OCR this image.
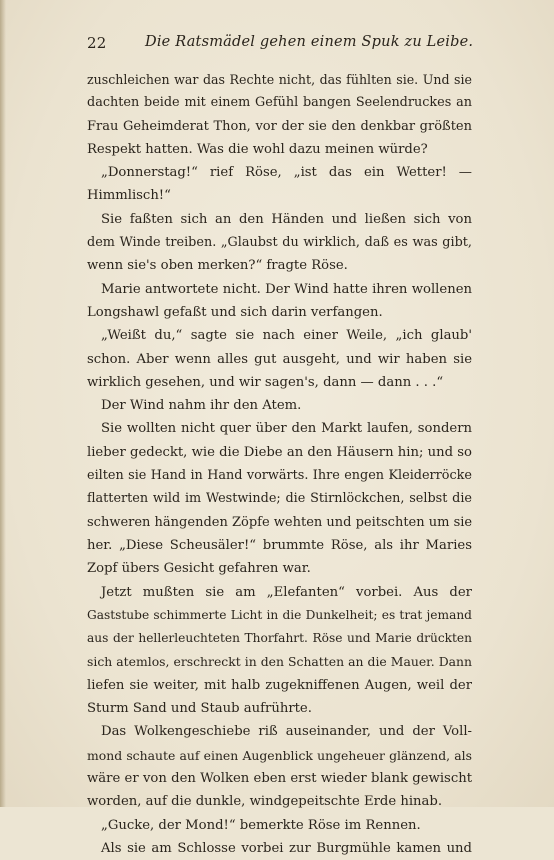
22	Die Ratsmädel gehen einem Spuk zu Leibe.
zuschleichen war das Rechte nicht, das fühlten sie. Und sie
dachten beide mit einem Gefühl bangen Seelendruckes an
Frau Geheimderat Thon, vor der sie den denkbar größten
Respekt hatten. Was die wohl dazu meinen würde?
„Donnerstag!“ rief Röse, „ist das ein Wetter! —
Himmlisch!“
Sie faßten sich an den Händen und ließen sich von
dem Winde treiben. „Glaubst du wirklich, daß es was gibt,
wenn sie's oben merken?“ fragte Röse.
Marie antwortete nicht. Der Wind hatte ihren wollenen
Longshawl gefaßt und sich darin verfangen.
„Weißt du,“ sagte sie nach einer Weile, „ich glaub'
schon. Aber wenn alles gut ausgeht, und wir haben sie
wirklich gesehen, und wir sagen's, dann — dann . . .“
Der Wind nahm ihr den Atem.
Sie wollten nicht quer über den Markt laufen, sondern
lieber gedeckt, wie die Diebe an den Häusern hin; und so
eilten sie Hand in Hand vorwärts. Ihre engen Kleiderröcke
flatterten wild im Westwinde; die Stirnlöckchen, selbst die
schweren hängenden Zöpfe wehten und peitschten um sie
her. „Diese Scheusäler!“ brummte Röse, als ihr Maries
Zopf übers Gesicht gefahren war.
Jetzt mußten sie am „Elefanten“ vorbei. Aus der
Gaststube schimmerte Licht in die Dunkelheit; es trat jemand
aus der hellerleuchteten Thorfahrt. Röse und Marie drückten
sich atemlos, erschreckt in den Schatten an die Mauer. Dann
liefen sie weiter, mit halb zugekniffenen Augen, weil der
Sturm Sand und Staub aufrührte.
Das Wolkengeschiebe riß auseinander, und der Voll-
mond schaute auf einen Augenblick ungeheuer glänzend, als
wäre er von den Wolken eben erst wieder blank gewischt
worden, auf die dunkle, windgepeitschte Erde hinab.
„Gucke, der Mond!“ bemerkte Röse im Rennen.
Als sie am Schlosse vorbei zur Burgmühle kamen und
